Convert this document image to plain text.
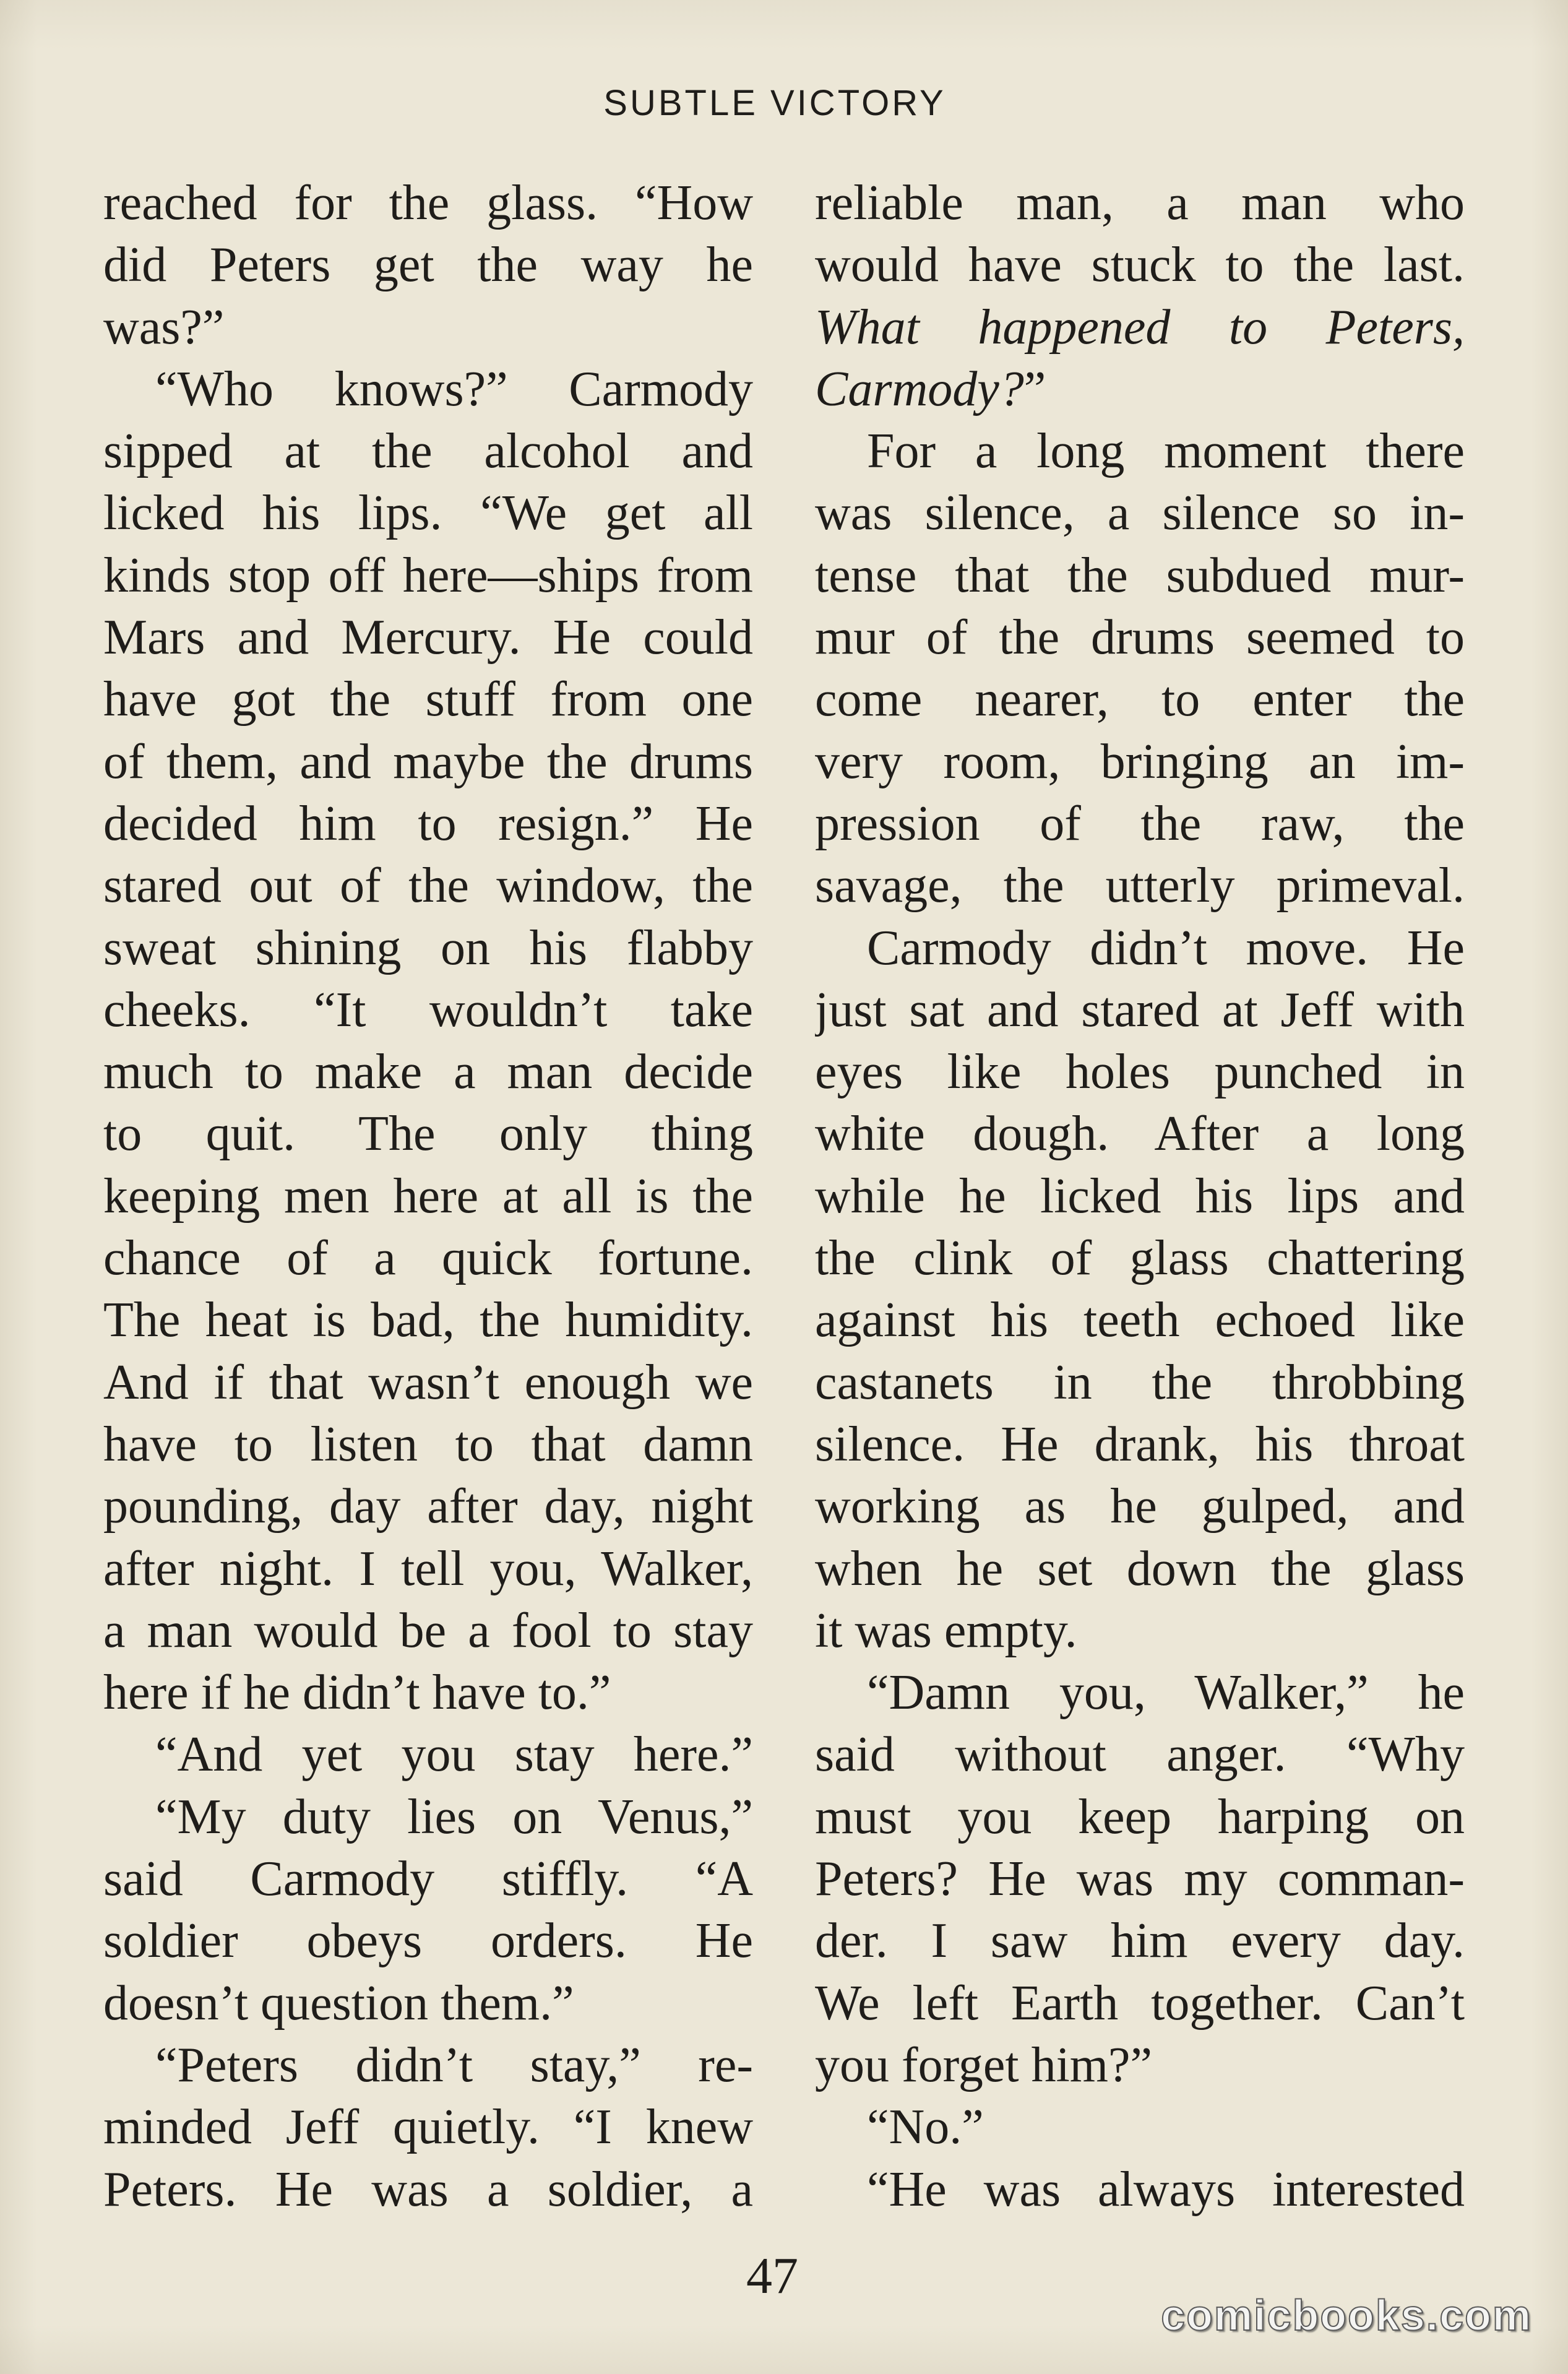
SUBTLE VICTORY
reached for the glass. “How
did Peters get the way he
was?”
“Who knows?” Carmody
sipped at the alcohol and
licked his lips. “We get all
kinds stop off here—ships from
Mars and Mercury. He could
have got the stuff from one
of them, and maybe the drums
decided him to resign.” He
stared out of the window, the
sweat shining on his flabby
cheeks. “It wouldn’t take
much to make a man decide
to quit. The only thing
keeping men here at all is the
chance of a quick fortune.
The heat is bad, the humidity.
And if that wasn’t enough we
have to listen to that damn
pounding, day after day, night
after night. I tell you, Walker,
a man would be a fool to stay
here if he didn’t have to.”
“And yet you stay here.”
“My duty lies on Venus,”
said Carmody stiffly. “A
soldier obeys orders. He
doesn’t question them.”
“Peters didn’t stay,” re-
minded Jeff quietly. “I knew
Peters. He was a soldier, a
reliable man, a man who
would have stuck to the last.
What happened to Peters,
Carmody?”
For a long moment there
was silence, a silence so in-
tense that the subdued mur-
mur of the drums seemed to
come nearer, to enter the
very room, bringing an im-
pression of the raw, the
savage, the utterly primeval.
Carmody didn’t move. He
just sat and stared at Jeff with
eyes like holes punched in
white dough. After a long
while he licked his lips and
the clink of glass chattering
against his teeth echoed like
castanets in the throbbing
silence. He drank, his throat
working as he gulped, and
when he set down the glass
it was empty.
“Damn you, Walker,” he
said without anger. “Why
must you keep harping on
Peters? He was my comman-
der. I saw him every day.
We left Earth together. Can’t
you forget him?”
“No.”
“He was always interested
47
comicbooks.com
